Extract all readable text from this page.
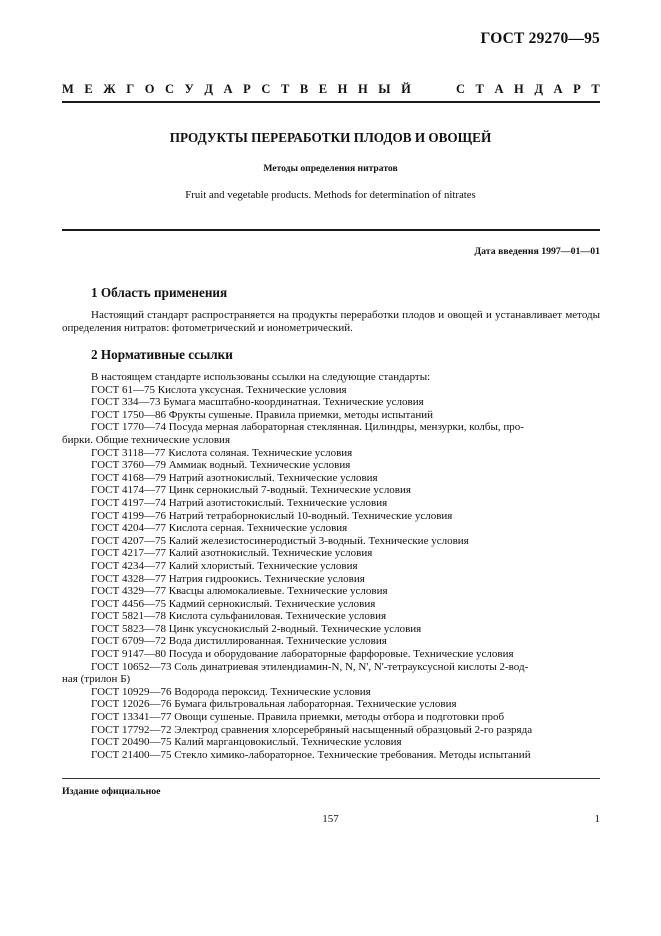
ГОСТ 29270—95
М Е Ж Г О С У Д А Р С Т В Е Н Н Ы Й	С Т А Н Д А Р Т
ПРОДУКТЫ ПЕРЕРАБОТКИ ПЛОДОВ И ОВОЩЕЙ
Методы определения нитратов
Fruit and vegetable products. Methods for determination of nitrates
Дата введения 1997—01—01
1 Область применения
Настоящий стандарт распространяется на продукты переработки плодов и овощей и устанавливает методы определения нитратов: фотометрический и ионометрический.
2 Нормативные ссылки
В настоящем стандарте использованы ссылки на следующие стандарты:
ГОСТ 61—75 Кислота уксусная. Технические условия
ГОСТ 334—73 Бумага масштабно-координатная. Технические условия
ГОСТ 1750—86 Фрукты сушеные. Правила приемки, методы испытаний
ГОСТ 1770—74 Посуда мерная лабораторная стеклянная. Цилиндры, мензурки, колбы, про-
бирки. Общие технические условия
ГОСТ 3118—77 Кислота соляная. Технические условия
ГОСТ 3760—79 Аммиак водный. Технические условия
ГОСТ 4168—79 Натрий азотнокислый. Технические условия
ГОСТ 4174—77 Цинк сернокислый 7-водный. Технические условия
ГОСТ 4197—74 Натрий азотистокислый. Технические условия
ГОСТ 4199—76 Натрий тетраборнокислый 10-водный. Технические условия
ГОСТ 4204—77 Кислота серная. Технические условия
ГОСТ 4207—75 Калий железистосинеродистый 3-водный. Технические условия
ГОСТ 4217—77 Калий азотнокислый. Технические условия
ГОСТ 4234—77 Калий хлористый. Технические условия
ГОСТ 4328—77 Натрия гидроокись. Технические условия
ГОСТ 4329—77 Квасцы алюмокалиевые. Технические условия
ГОСТ 4456—75 Кадмий сернокислый. Технические условия
ГОСТ 5821—78 Кислота сульфаниловая. Технические условия
ГОСТ 5823—78 Цинк уксуснокислый 2-водный. Технические условия
ГОСТ 6709—72 Вода дистиллированная. Технические условия
ГОСТ 9147—80 Посуда и оборудование лабораторные фарфоровые. Технические условия
ГОСТ 10652—73 Соль динатриевая этилендиамин-N, N, N', N'-тетрауксусной кислоты 2-вод-
ная (трилон Б)
ГОСТ 10929—76 Водорода пероксид. Технические условия
ГОСТ 12026—76 Бумага фильтровальная лабораторная. Технические условия
ГОСТ 13341—77 Овощи сушеные. Правила приемки, методы отбора и подготовки проб
ГОСТ 17792—72 Электрод сравнения хлорсеребряный насыщенный образцовый 2-го разряда
ГОСТ 20490—75 Калий марганцовокислый. Технические условия
ГОСТ 21400—75 Стекло химико-лабораторное. Технические требования. Методы испытаний
Издание официальное
157	1
